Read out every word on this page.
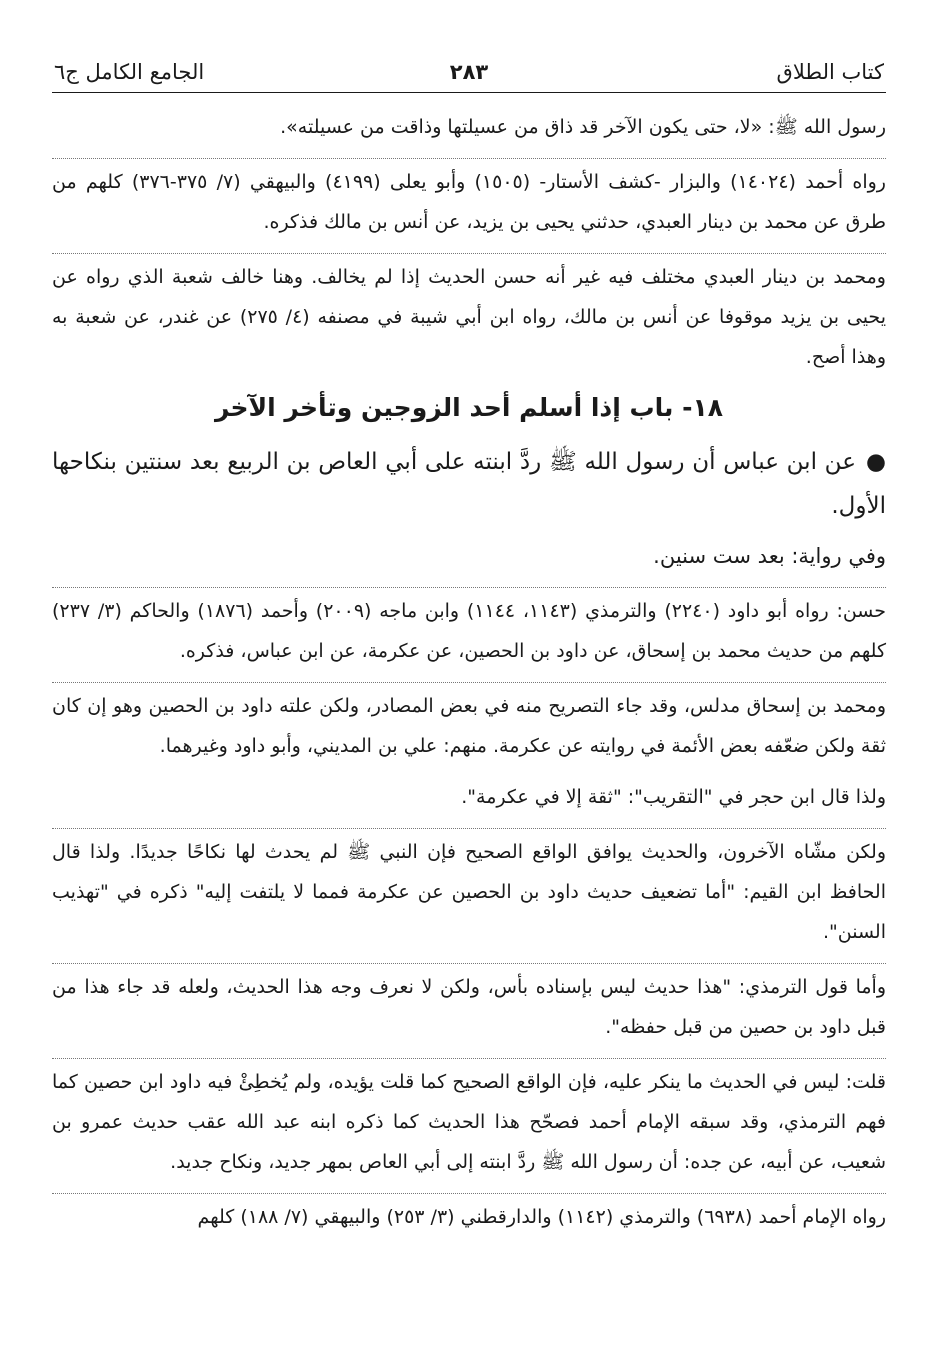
كتاب الطلاق
٢٨٣
الجامع الكامل ج٦

رسول الله ﷺ: «لا، حتى يكون الآخر قد ذاق من عسيلتها وذاقت من عسيلته».

رواه أحمد (١٤٠٢٤) والبزار -كشف الأستار- (١٥٠٥) وأبو يعلى (٤١٩٩) والبيهقي (٧/ ٣٧٥-٣٧٦) كلهم من طرق عن محمد بن دينار العبدي، حدثني يحيى بن يزيد، عن أنس بن مالك فذكره.

ومحمد بن دينار العبدي مختلف فيه غير أنه حسن الحديث إذا لم يخالف. وهنا خالف شعبة الذي رواه عن يحيى بن يزيد موقوفا عن أنس بن مالك، رواه ابن أبي شيبة في مصنفه (٤/ ٢٧٥) عن غندر، عن شعبة به وهذا أصح.

١٨- باب إذا أسلم أحد الزوجين وتأخر الآخر

●عن ابن عباس أن رسول الله ﷺ ردَّ ابنته على أبي العاص بن الربيع بعد سنتين بنكاحها الأول.

وفي رواية: بعد ست سنين.

حسن: رواه أبو داود (٢٢٤٠) والترمذي (١١٤٣، ١١٤٤) وابن ماجه (٢٠٠٩) وأحمد (١٨٧٦) والحاكم (٣/ ٢٣٧) كلهم من حديث محمد بن إسحاق، عن داود بن الحصين، عن عكرمة، عن ابن عباس، فذكره.

ومحمد بن إسحاق مدلس، وقد جاء التصريح منه في بعض المصادر، ولكن علته داود بن الحصين وهو إن كان ثقة ولكن ضعّفه بعض الأئمة في روايته عن عكرمة. منهم: علي بن المديني، وأبو داود وغيرهما.

ولذا قال ابن حجر في "التقريب": "ثقة إلا في عكرمة".

ولكن مشّاه الآخرون، والحديث يوافق الواقع الصحيح فإن النبي ﷺ لم يحدث لها نكاحًا جديدًا. ولذا قال الحافظ ابن القيم: "أما تضعيف حديث داود بن الحصين عن عكرمة فمما لا يلتفت إليه" ذكره في "تهذيب السنن".

وأما قول الترمذي: "هذا حديث ليس بإسناده بأس، ولكن لا نعرف وجه هذا الحديث، ولعله قد جاء هذا من قبل داود بن حصين من قبل حفظه".

قلت: ليس في الحديث ما ينكر عليه، فإن الواقع الصحيح كما قلت يؤيده، ولم يُخطِئْ فيه داود ابن حصين كما فهم الترمذي، وقد سبقه الإمام أحمد فصحّح هذا الحديث كما ذكره ابنه عبد الله عقب حديث عمرو بن شعيب، عن أبيه، عن جده: أن رسول الله ﷺ ردَّ ابنته إلى أبي العاص بمهر جديد، ونكاح جديد.

رواه الإمام أحمد (٦٩٣٨) والترمذي (١١٤٢) والدارقطني (٣/ ٢٥٣) والبيهقي (٧/ ١٨٨) كلهم
